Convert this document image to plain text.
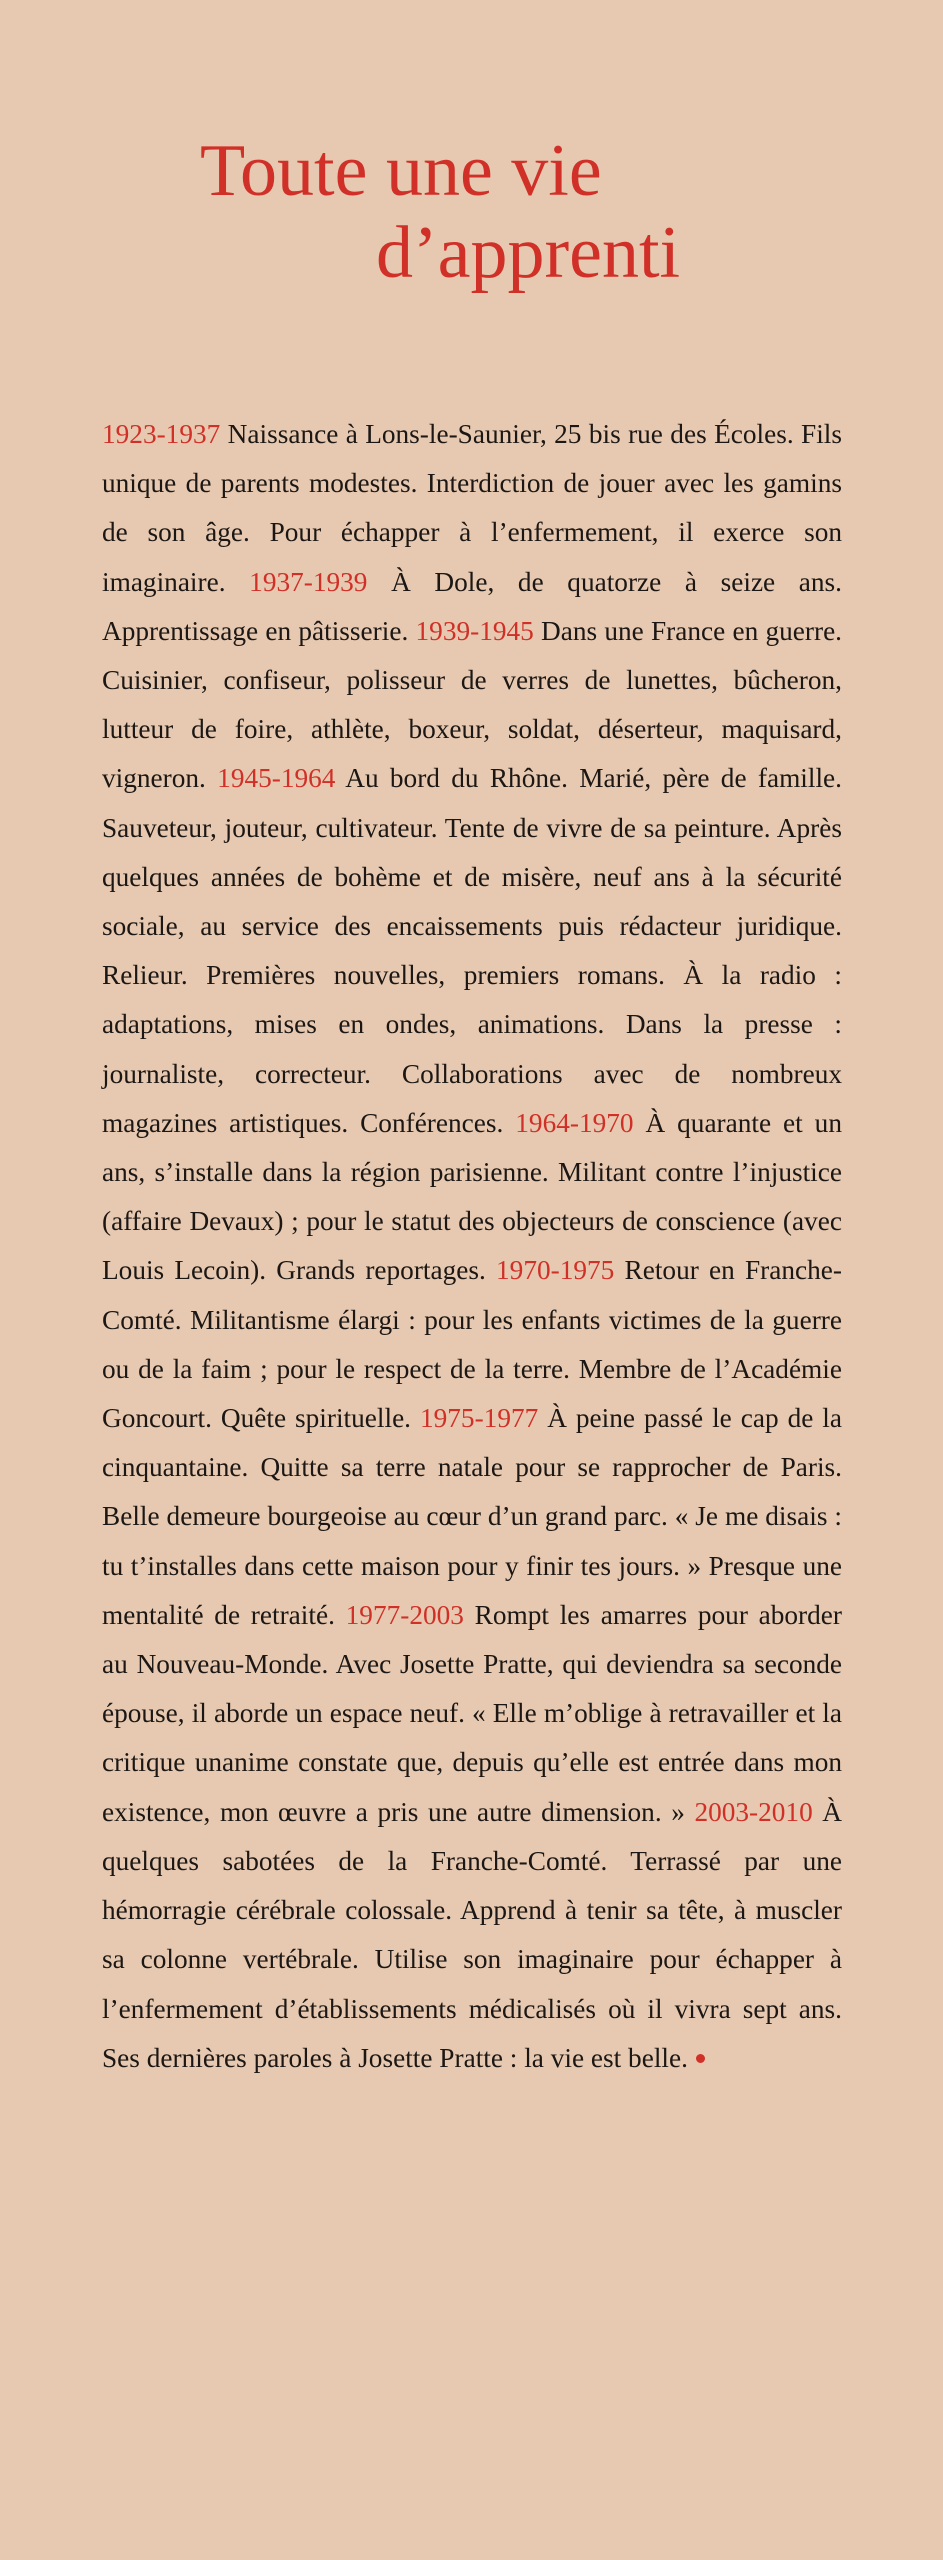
Toute une vie
d’apprenti

1923-1937 Naissance à Lons-le-Saunier, 25 bis rue des Écoles. Fils unique de parents modestes. Interdiction de jouer avec les gamins de son âge. Pour échapper à l’enfermement, il exerce son imaginaire. 1937-1939 À Dole, de quatorze à seize ans. Apprentissage en pâtisserie. 1939-1945 Dans une France en guerre. Cuisinier, confiseur, polisseur de verres de lunettes, bûcheron, lutteur de foire, athlète, boxeur, soldat, déserteur, maquisard, vigneron. 1945-1964 Au bord du Rhône. Marié, père de famille. Sauveteur, jouteur, cultivateur. Tente de vivre de sa peinture. Après quelques années de bohème et de misère, neuf ans à la sécurité sociale, au service des encaissements puis rédacteur juridique. Relieur. Premières nouvelles, premiers romans. À la radio : adaptations, mises en ondes, animations. Dans la presse : journaliste, correcteur. Collaborations avec de nombreux magazines artistiques. Conférences. 1964-1970 À quarante et un ans, s’installe dans la région parisienne. Militant contre l’injustice (affaire Devaux) ; pour le statut des objecteurs de conscience (avec Louis Lecoin). Grands reportages. 1970-1975 Retour en Franche-Comté. Militantisme élargi : pour les enfants victimes de la guerre ou de la faim ; pour le respect de la terre. Membre de l’Académie Goncourt. Quête spirituelle. 1975-1977 À peine passé le cap de la cinquantaine. Quitte sa terre natale pour se rapprocher de Paris. Belle demeure bourgeoise au cœur d’un grand parc. « Je me disais : tu t’installes dans cette maison pour y finir tes jours. » Presque une mentalité de retraité. 1977-2003 Rompt les amarres pour aborder au Nouveau-Monde. Avec Josette Pratte, qui deviendra sa seconde épouse, il aborde un espace neuf. « Elle m’oblige à retravailler et la critique unanime constate que, depuis qu’elle est entrée dans mon existence, mon œuvre a pris une autre dimension. » 2003-2010 À quelques sabotées de la Franche-Comté. Terrassé par une hémorragie cérébrale colossale. Apprend à tenir sa tête, à muscler sa colonne vertébrale. Utilise son imaginaire pour échapper à l’enfermement d’établissements médicalisés où il vivra sept ans. Ses dernières paroles à Josette Pratte : la vie est belle.
